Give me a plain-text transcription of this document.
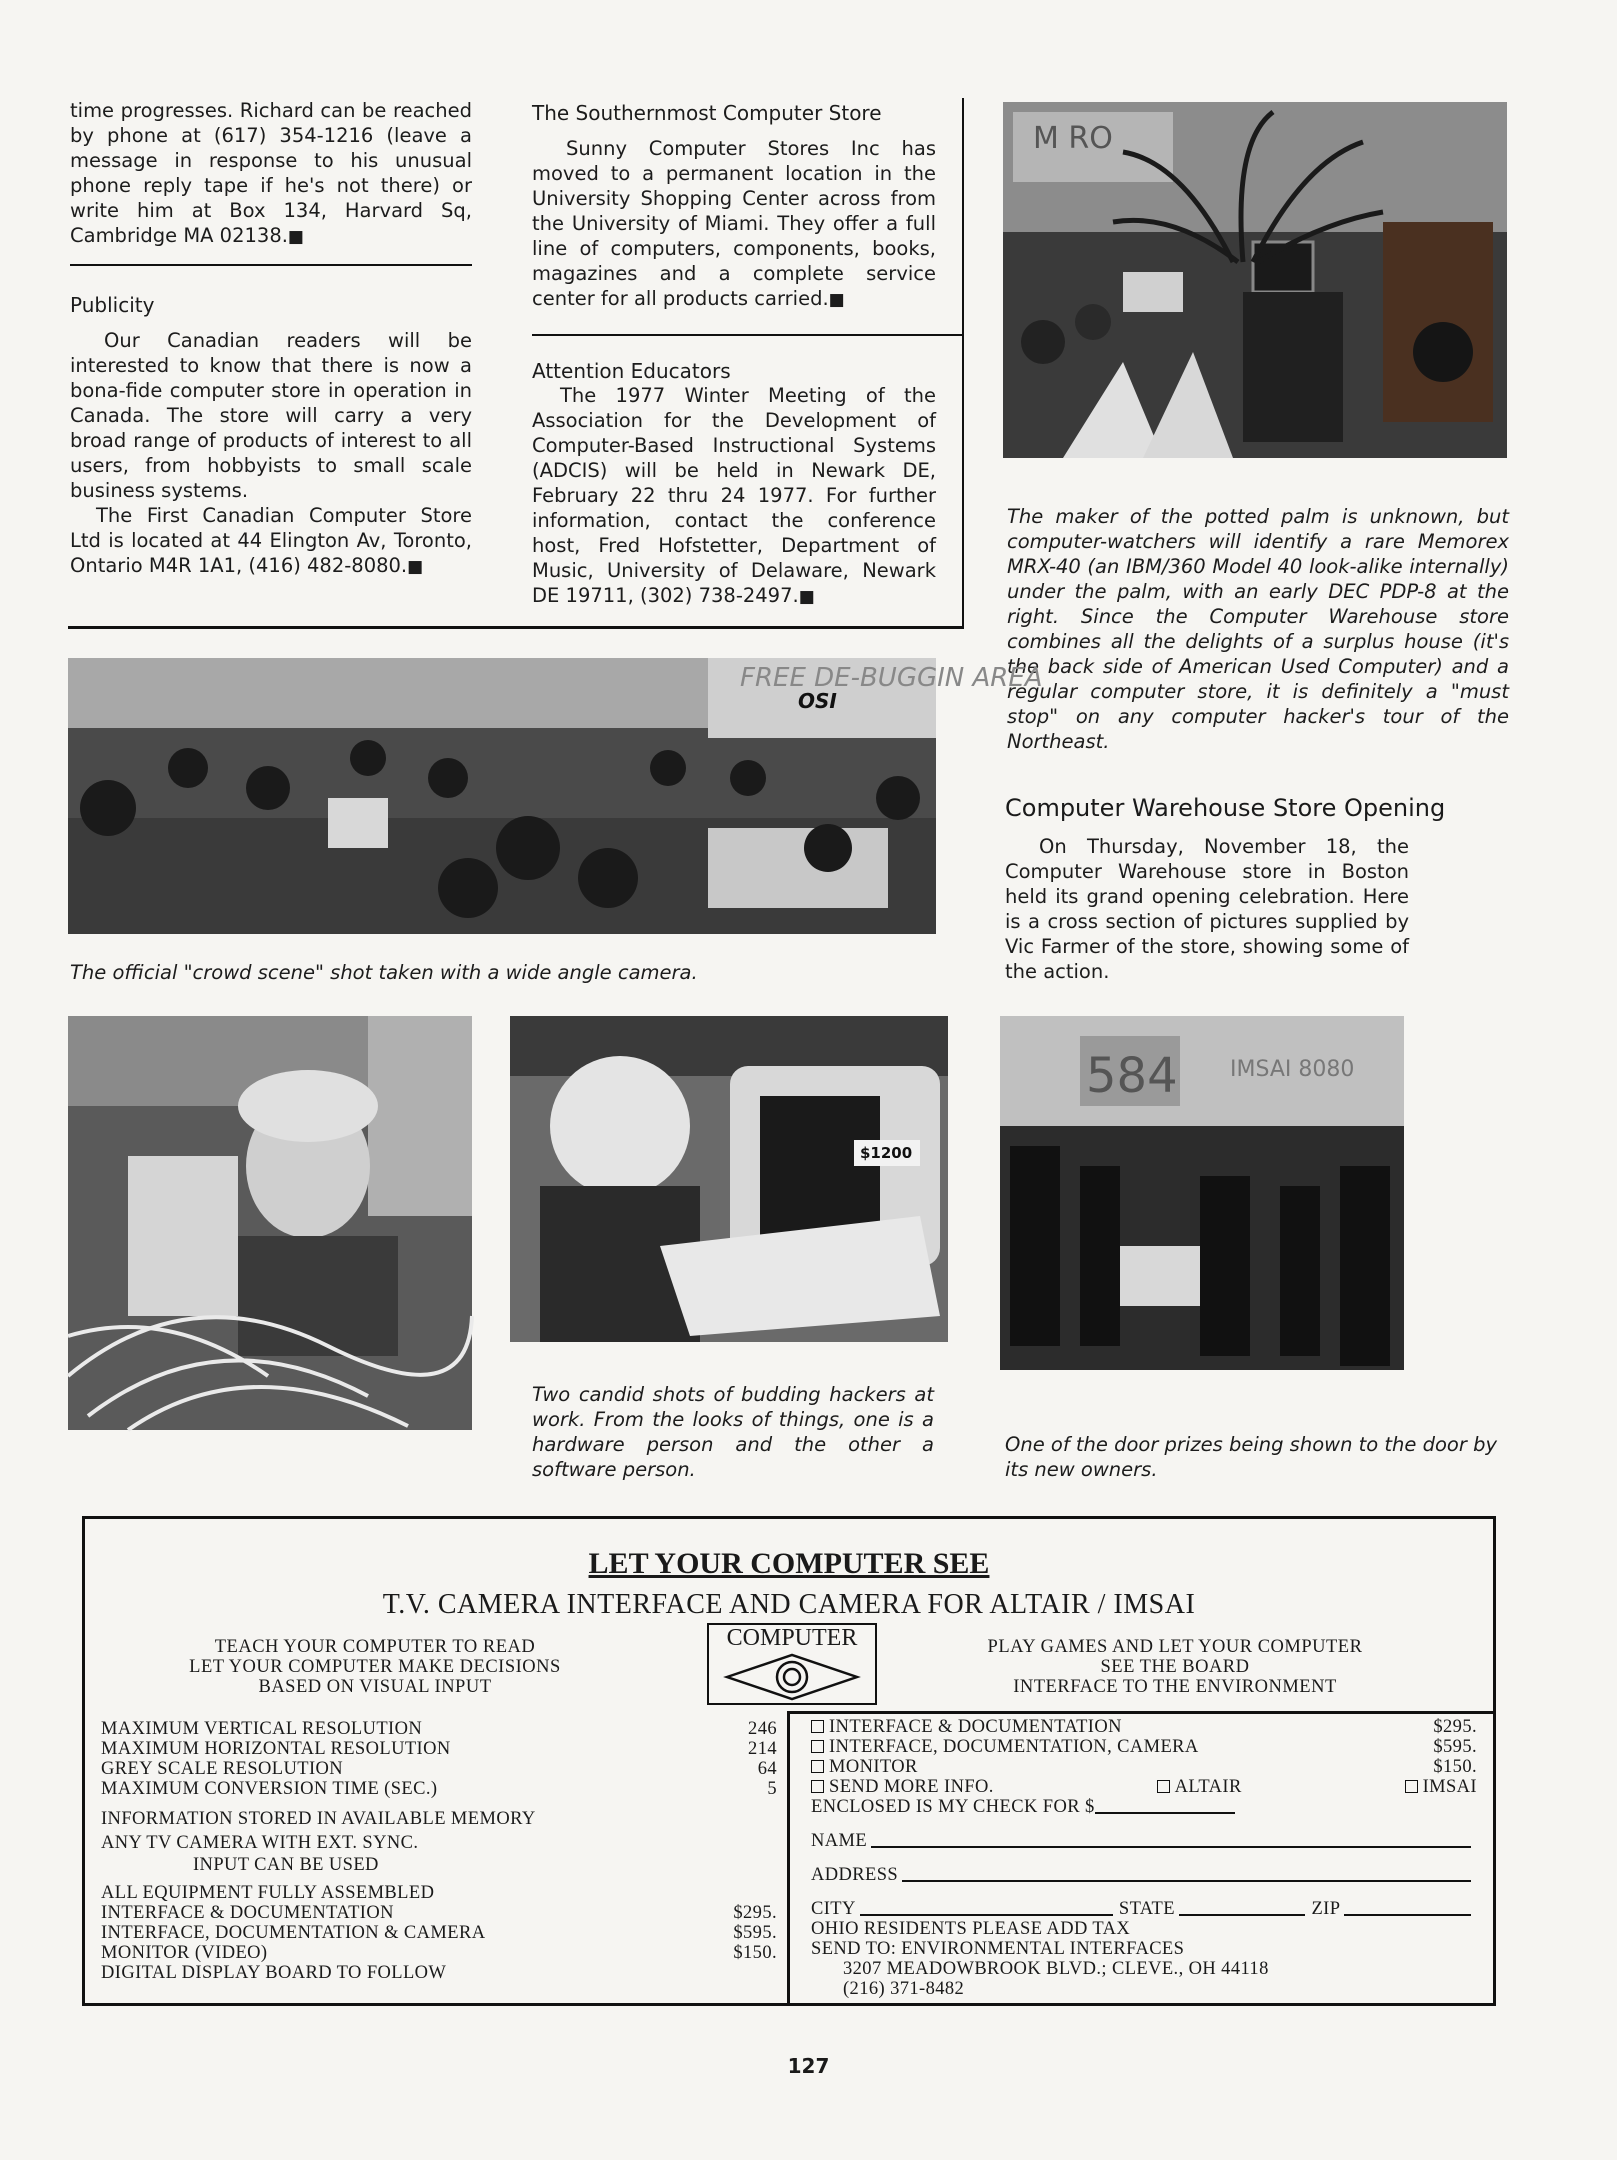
time progresses. Richard can be reached by phone at (617) 354-1216 (leave a message in response to his unusual phone reply tape if he's not there) or write him at Box 134, Harvard Sq, Cambridge MA 02138.■

Publicity

Our Canadian readers will be interested to know that there is now a bona-fide computer store in operation in Canada. The store will carry a very broad range of products of interest to all users, from hobbyists to small scale business systems.

The First Canadian Computer Store Ltd is located at 44 Elington Av, Toronto, Ontario M4R 1A1, (416) 482-8080.■

The Southernmost Computer Store

Sunny Computer Stores Inc has moved to a permanent location in the University Shopping Center across from the University of Miami. They offer a full line of computers, components, books, magazines and a complete service center for all products carried.■

Attention Educators

The 1977 Winter Meeting of the Association for the Development of Computer-Based Instructional Systems (ADCIS) will be held in Newark DE, February 22 thru 24 1977. For further information, contact the conference host, Fred Hofstetter, Department of Music, University of Delaware, Newark DE 19711, (302) 738-2497.■

M RO
The maker of the potted palm is unknown, but computer-watchers will identify a rare Memorex MRX-40 (an IBM/360 Model 40 look-alike internally) under the palm, with an early DEC PDP-8 at the right. Since the Computer Warehouse store combines all the delights of a surplus house (it's the back side of American Used Computer) and a regular computer store, it is definitely a "must stop" on any computer hacker's tour of the Northeast.
Computer Warehouse Store Opening

On Thursday, November 18, the Computer Warehouse store in Boston held its grand opening celebration. Here is a cross section of pictures supplied by Vic Farmer of the store, showing some of the action.

FREE DE-BUGGIN AREA
OSI
The official "crowd scene" shot taken with a wide angle camera.
$1200
584 IMSAI 8080
Two candid shots of budding hackers at work. From the looks of things, one is a hardware person and the other a software person.
One of the door prizes being shown to the door by its new owners.
LET YOUR COMPUTER SEE
T.V. CAMERA INTERFACE AND CAMERA FOR ALTAIR / IMSAI
TEACH YOUR COMPUTER TO READ
LET YOUR COMPUTER MAKE DECISIONS
BASED ON VISUAL INPUT
COMPUTER	PLAY GAMES AND LET YOUR COMPUTER
SEE THE BOARD
INTERFACE TO THE ENVIRONMENT
MAXIMUM VERTICAL RESOLUTION	246
MAXIMUM HORIZONTAL RESOLUTION	214
GREY SCALE RESOLUTION	64
MAXIMUM CONVERSION TIME (SEC.)	5
INFORMATION STORED IN AVAILABLE MEMORY
ANY TV CAMERA WITH EXT. SYNC.
INPUT CAN BE USED
ALL EQUIPMENT FULLY ASSEMBLED
INTERFACE & DOCUMENTATION	$295.
INTERFACE, DOCUMENTATION & CAMERA	$595.
MONITOR (VIDEO)	$150.
DIGITAL DISPLAY BOARD TO FOLLOW
INTERFACE & DOCUMENTATION	$295.
INTERFACE, DOCUMENTATION, CAMERA	$595.
MONITOR	$150.
SEND MORE INFO.	ALTAIR	IMSAI
ENCLOSED IS MY CHECK FOR $
NAME
ADDRESS
CITY	STATE	ZIP
OHIO RESIDENTS PLEASE ADD TAX
SEND TO: ENVIRONMENTAL INTERFACES
3207 MEADOWBROOK BLVD.; CLEVE., OH 44118
(216) 371-8482
127
